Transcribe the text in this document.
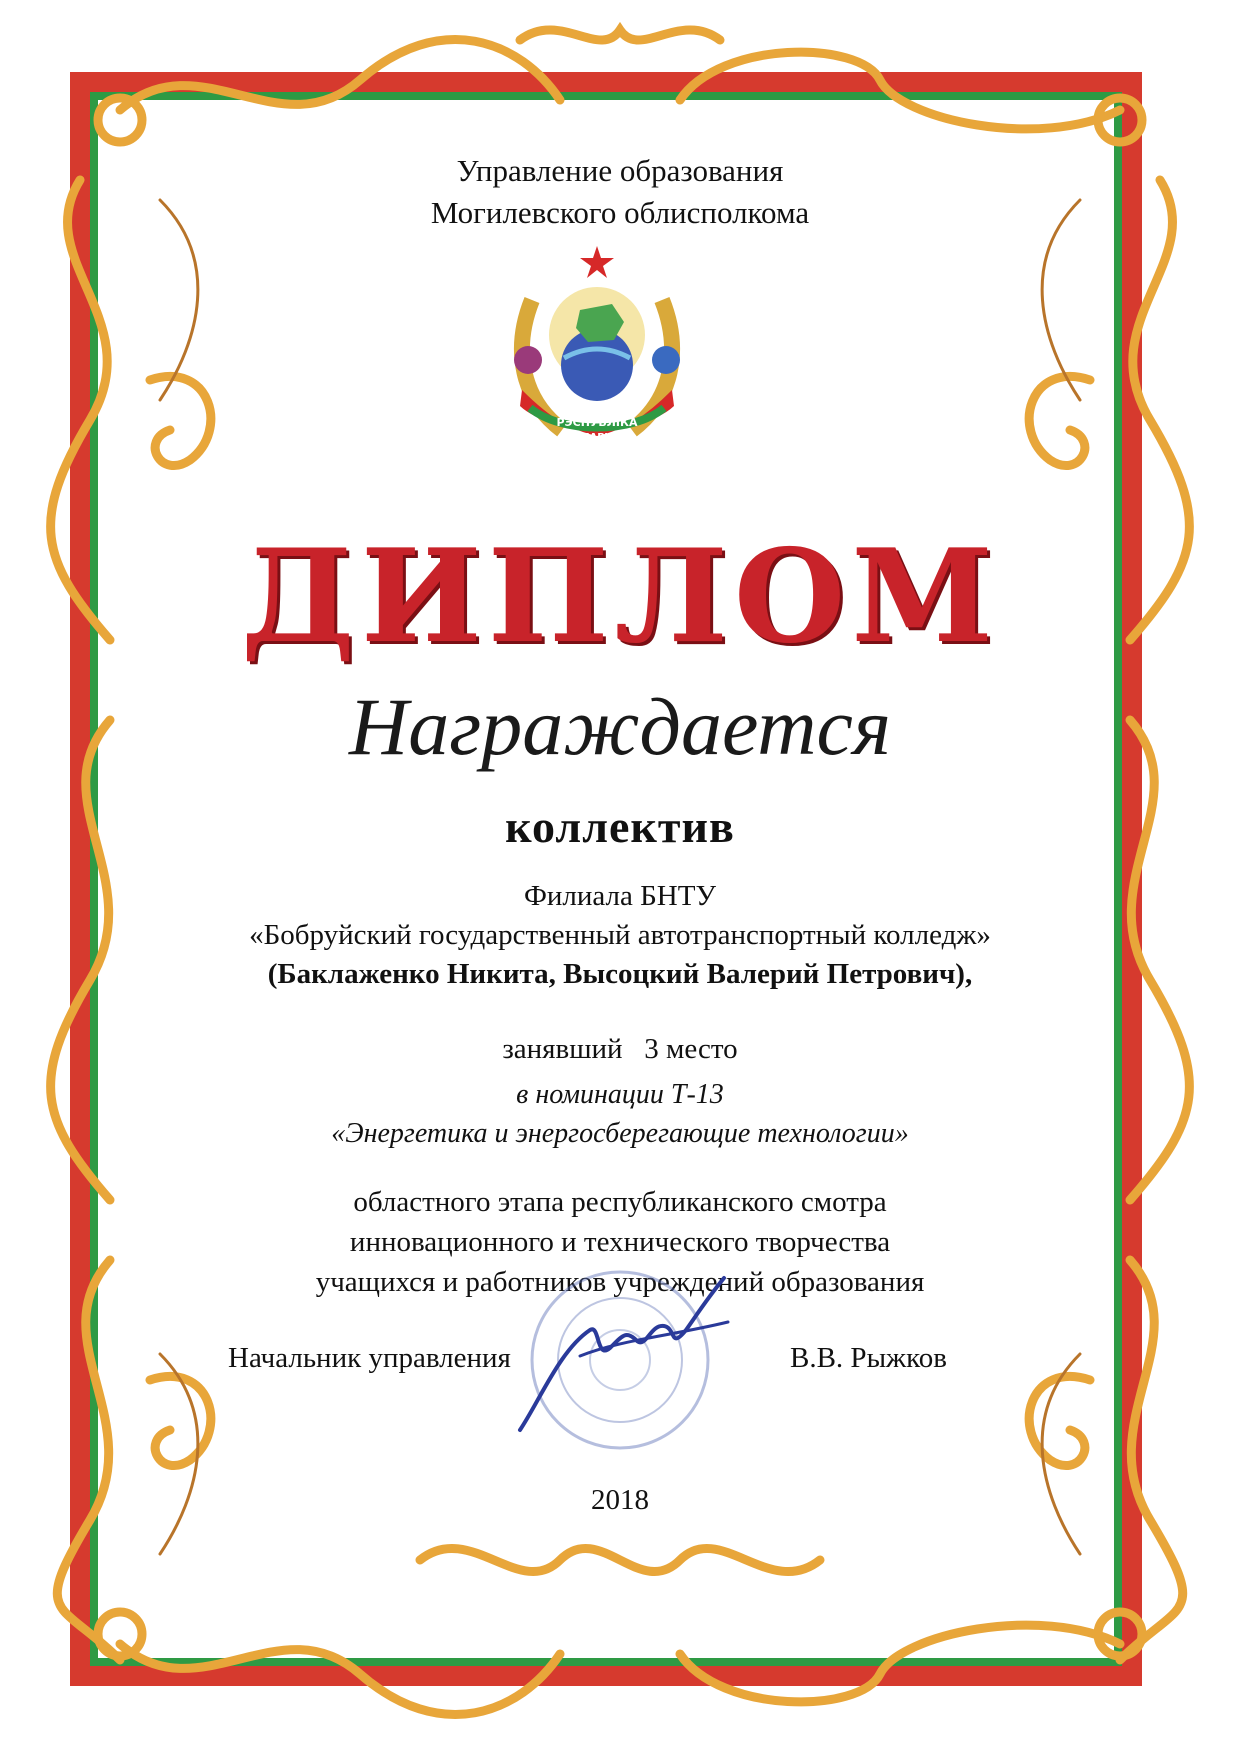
Управление образования
Могилевского облисполкома
РЭСПУБЛІКА
БЕЛАРУСЬ
ДИПЛОМ
Награждается
коллектив
Филиала БНТУ
«Бобруйский государственный автотранспортный колледж»
(Баклаженко Никита, Высоцкий Валерий Петрович),
занявший   3 место
в номинации Т-13
«Энергетика и энергосберегающие технологии»
областного этапа республиканского смотра
инновационного и технического творчества
учащихся и работников учреждений образования
Начальник управления	В.В. Рыжков
2018
